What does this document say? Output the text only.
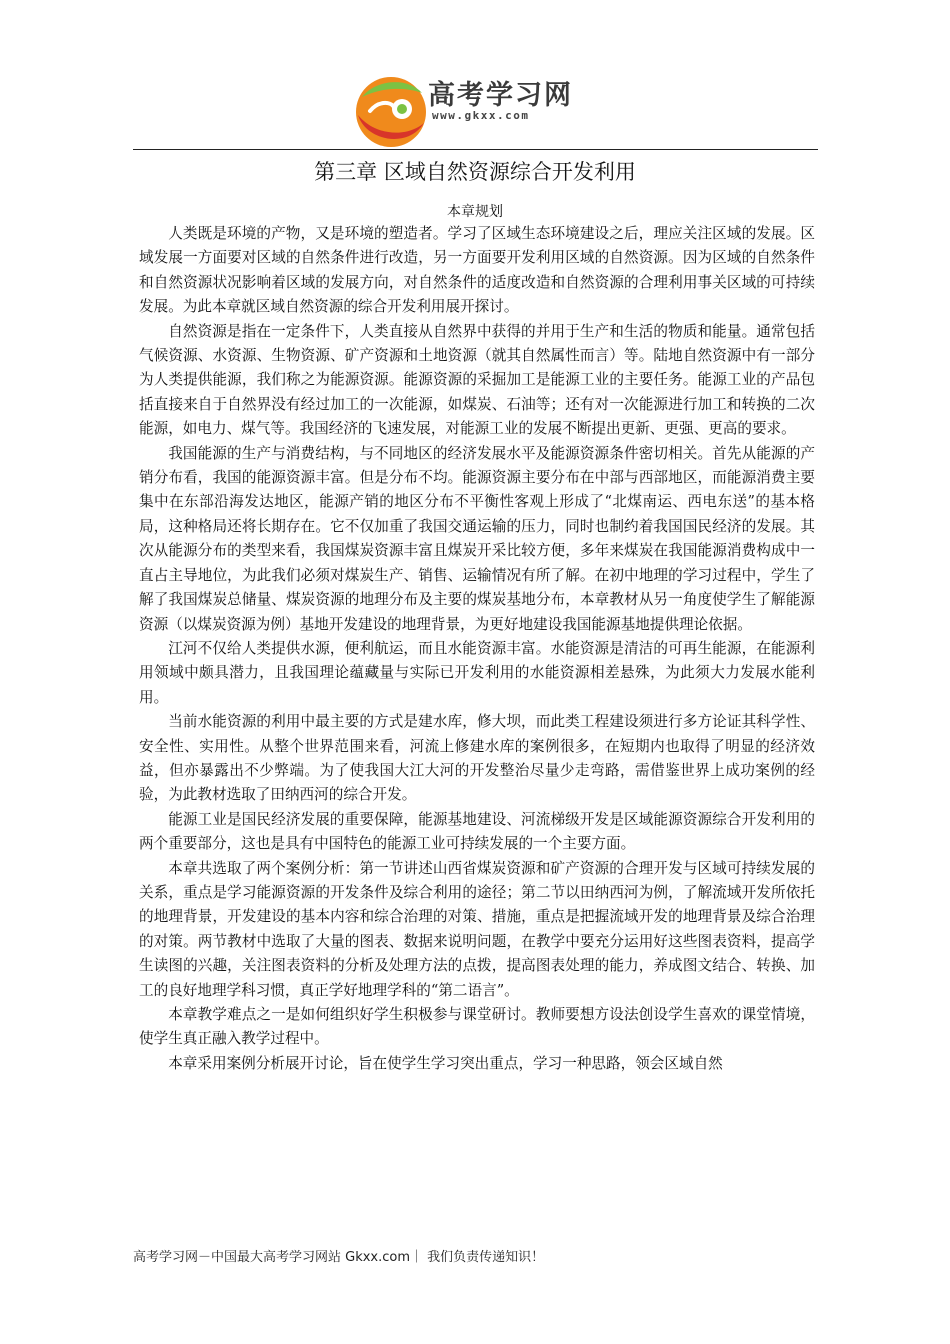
高考学习网
www.gkxx.com
第三章 区域自然资源综合开发利用
本章规划

人类既是环境的产物，又是环境的塑造者。学习了区域生态环境建设之后，理应关注区域的发展。区域发展一方面要对区域的自然条件进行改造，另一方面要开发利用区域的自然资源。因为区域的自然条件和自然资源状况影响着区域的发展方向，对自然条件的适度改造和自然资源的合理利用事关区域的可持续发展。为此本章就区域自然资源的综合开发利用展开探讨。

自然资源是指在一定条件下，人类直接从自然界中获得的并用于生产和生活的物质和能量。通常包括气候资源、水资源、生物资源、矿产资源和土地资源（就其自然属性而言）等。陆地自然资源中有一部分为人类提供能源，我们称之为能源资源。能源资源的采掘加工是能源工业的主要任务。能源工业的产品包括直接来自于自然界没有经过加工的一次能源，如煤炭、石油等；还有对一次能源进行加工和转换的二次能源，如电力、煤气等。我国经济的飞速发展，对能源工业的发展不断提出更新、更强、更高的要求。

我国能源的生产与消费结构，与不同地区的经济发展水平及能源资源条件密切相关。首先从能源的产销分布看，我国的能源资源丰富。但是分布不均。能源资源主要分布在中部与西部地区，而能源消费主要集中在东部沿海发达地区，能源产销的地区分布不平衡性客观上形成了“北煤南运、西电东送”的基本格局，这种格局还将长期存在。它不仅加重了我国交通运输的压力，同时也制约着我国国民经济的发展。其次从能源分布的类型来看，我国煤炭资源丰富且煤炭开采比较方便，多年来煤炭在我国能源消费构成中一直占主导地位，为此我们必须对煤炭生产、销售、运输情况有所了解。在初中地理的学习过程中，学生了解了我国煤炭总储量、煤炭资源的地理分布及主要的煤炭基地分布，本章教材从另一角度使学生了解能源资源（以煤炭资源为例）基地开发建设的地理背景，为更好地建设我国能源基地提供理论依据。

江河不仅给人类提供水源，便利航运，而且水能资源丰富。水能资源是清洁的可再生能源，在能源利用领域中颇具潜力，且我国理论蕴藏量与实际已开发利用的水能资源相差悬殊，为此须大力发展水能利用。

当前水能资源的利用中最主要的方式是建水库，修大坝，而此类工程建设须进行多方论证其科学性、安全性、实用性。从整个世界范围来看，河流上修建水库的案例很多，在短期内也取得了明显的经济效益，但亦暴露出不少弊端。为了使我国大江大河的开发整治尽量少走弯路，需借鉴世界上成功案例的经验，为此教材选取了田纳西河的综合开发。

能源工业是国民经济发展的重要保障，能源基地建设、河流梯级开发是区域能源资源综合开发利用的两个重要部分，这也是具有中国特色的能源工业可持续发展的一个主要方面。

本章共选取了两个案例分析：第一节讲述山西省煤炭资源和矿产资源的合理开发与区域可持续发展的关系，重点是学习能源资源的开发条件及综合利用的途径；第二节以田纳西河为例，了解流域开发所依托的地理背景，开发建设的基本内容和综合治理的对策、措施，重点是把握流域开发的地理背景及综合治理的对策。两节教材中选取了大量的图表、数据来说明问题，在教学中要充分运用好这些图表资料，提高学生读图的兴趣，关注图表资料的分析及处理方法的点拨，提高图表处理的能力，养成图文结合、转换、加工的良好地理学科习惯，真正学好地理学科的“第二语言”。

本章教学难点之一是如何组织好学生积极参与课堂研讨。教师要想方设法创设学生喜欢的课堂情境，使学生真正融入教学过程中。

本章采用案例分析展开讨论，旨在使学生学习突出重点，学习一种思路，领会区域自然

高考学习网－中国最大高考学习网站 Gkxx.com｜ 我们负责传递知识！
